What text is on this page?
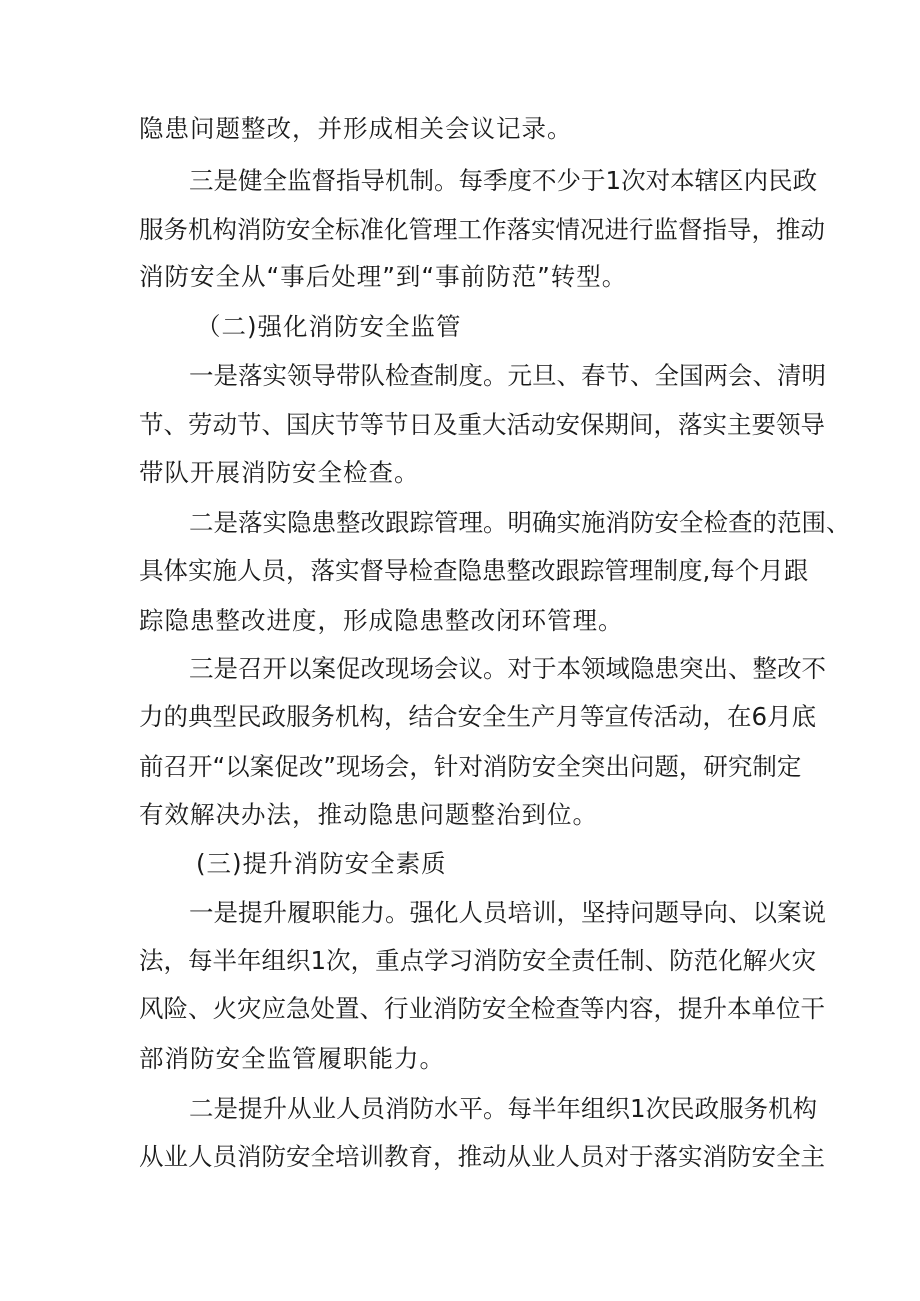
隐患问题整改，并形成相关会议记录。

三 是 健 全 监 督 指 导 机 制 。 每 季 度 不 少 于 1 次 对 本 辖 区 内 民 政

服 务 机 构 消 防 安 全 标 准 化 管 理 工 作 落 实 情 况 进 行 监 督 指 导 ， 推 动

消防安全从“事后处理”到“事前防范”转型。

（二)强化消防安全监管

一 是 落 实 领 导 带 队 检 查 制 度 。 元 旦 、 春 节 、 全 国 两 会 、 清 明

节 、 劳 动 节 、 国 庆 节 等 节 日 及 重 大 活 动 安 保 期 间 ， 落 实 主 要 领 导

带队开展消防安全检查。

二 是 落 实 隐 患 整 改 跟 踪 管 理 。 明 确 实 施 消 防 安 全 检 查 的 范 围 、

具 体 实 施 人 员 ， 落 实 督 导 检 查 隐 患 整 改 跟 踪 管 理 制 度 , 每 个 月 跟

踪隐患整改进度，形成隐患整改闭环管理。

三 是 召 开 以 案 促 改 现 场 会 议 。 对 于 本 领 域 隐 患 突 出 、 整 改 不

力 的 典 型 民 政 服 务 机 构 ， 结 合 安 全 生 产 月 等 宣 传 活 动 ， 在 6 月 底

前 召 开 “ 以 案 促 改 ” 现 场 会 ， 针 对 消 防 安 全 突 出 问 题 ， 研 究 制 定

有效解决办法，推动隐患问题整治到位。

(三)提升消防安全素质

一 是 提 升 履 职 能 力 。 强 化 人 员 培 训 ， 坚 持 问 题 导 向 、 以 案 说

法 ， 每 半 年 组 织 1 次 ， 重 点 学 习 消 防 安 全 责 任 制 、 防 范 化 解 火 灾

风 险 、 火 灾 应 急 处 置 、 行 业 消 防 安 全 检 查 等 内 容 ， 提 升 本 单 位 干

部消防安全监管履职能力。

二 是 提 升 从 业 人 员 消 防 水 平 。 每 半 年 组 织 1 次 民 政 服 务 机 构

从 业 人 员 消 防 安 全 培 训 教 育 ， 推 动 从 业 人 员 对 于 落 实 消 防 安 全 主
